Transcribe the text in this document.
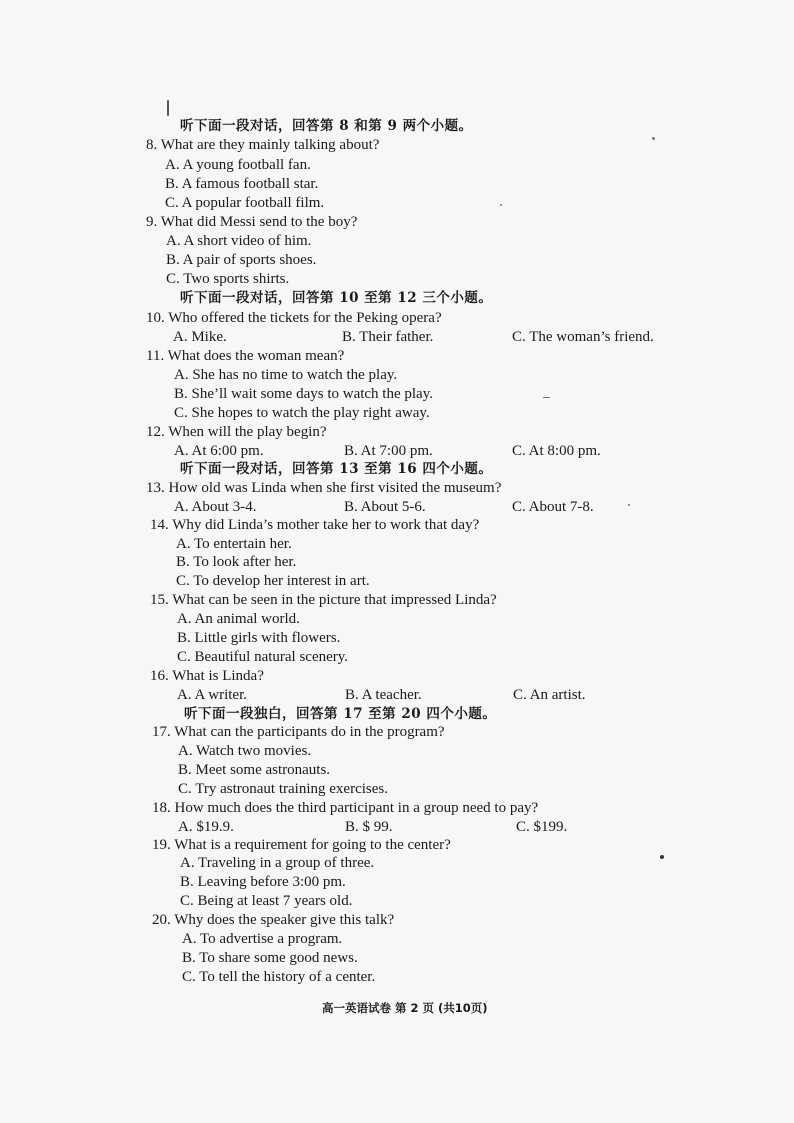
听下面一段对话，回答第 8 和第 9 两个小题。
8. What are they mainly talking about?
A. A young football fan.
B. A famous football star.
C. A popular football film.
9. What did Messi send to the boy?
A. A short video of him.
B. A pair of sports shoes.
C. Two sports shirts.
听下面一段对话，回答第 10 至第 12 三个小题。
10. Who offered the tickets for the Peking opera?
A. Mike.	B. Their father.	C. The woman’s friend.
11. What does the woman mean?
A. She has no time to watch the play.
B. She’ll wait some days to watch the play.
C. She hopes to watch the play right away.
12. When will the play begin?
A. At 6:00 pm.	B. At 7:00 pm.	C. At 8:00 pm.
听下面一段对话，回答第 13 至第 16 四个小题。
13. How old was Linda when she first visited the museum?
A. About 3-4.	B. About 5-6.	C. About 7-8.
14. Why did Linda’s mother take her to work that day?
A. To entertain her.
B. To look after her.
C. To develop her interest in art.
15. What can be seen in the picture that impressed Linda?
A. An animal world.
B. Little girls with flowers.
C. Beautiful natural scenery.
16. What is Linda?
A. A writer.	B. A teacher.	C. An artist.
听下面一段独白，回答第 17 至第 20 四个小题。
17. What can the participants do in the program?
A. Watch two movies.
B. Meet some astronauts.
C. Try astronaut training exercises.
18. How much does the third participant in a group need to pay?
A. $19.9.	B. $ 99.	C. $199.
19. What is a requirement for going to the center?
A. Traveling in a group of three.
B. Leaving before 3:00 pm.
C. Being at least 7 years old.
20. Why does the speaker give this talk?
A. To advertise a program.
B. To share some good news.
C. To tell the history of a center.
高一英语试卷 第 2 页 (共10页)
